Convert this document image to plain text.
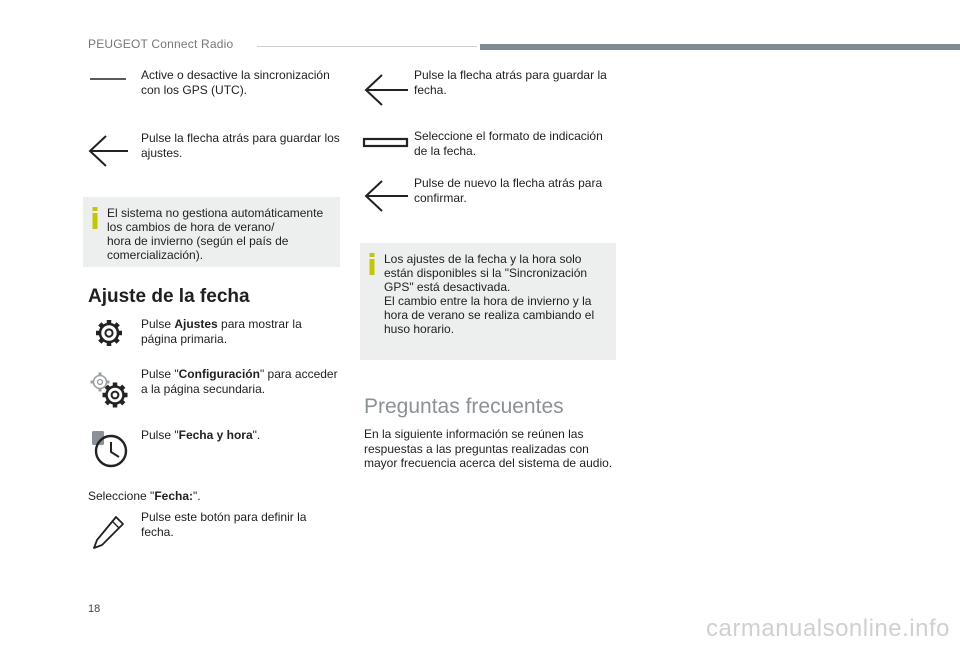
PEUGEOT Connect Radio
Active o desactive la sincronización con los GPS (UTC).
Pulse la flecha atrás para guardar los ajustes.
El sistema no gestiona automáticamente
los cambios de hora de verano/
hora de invierno (según el país de
comercialización).
Ajuste de la fecha
Pulse Ajustes para mostrar la página primaria.
Pulse "Configuración" para acceder a la página secundaria.
Pulse "Fecha y hora".
Seleccione "Fecha:".
Pulse este botón para definir la fecha.
Pulse la flecha atrás para guardar la fecha.
Seleccione el formato de indicación de la fecha.
Pulse de nuevo la flecha atrás para confirmar.
Los ajustes de la fecha y la hora solo
están disponibles si la "Sincronización
GPS" está desactivada.
El cambio entre la hora de invierno y la
hora de verano se realiza cambiando el
huso horario.
Preguntas frecuentes
En la siguiente información se reúnen las respuestas a las preguntas realizadas con mayor frecuencia acerca del sistema de audio.
18
carmanualsonline.info
